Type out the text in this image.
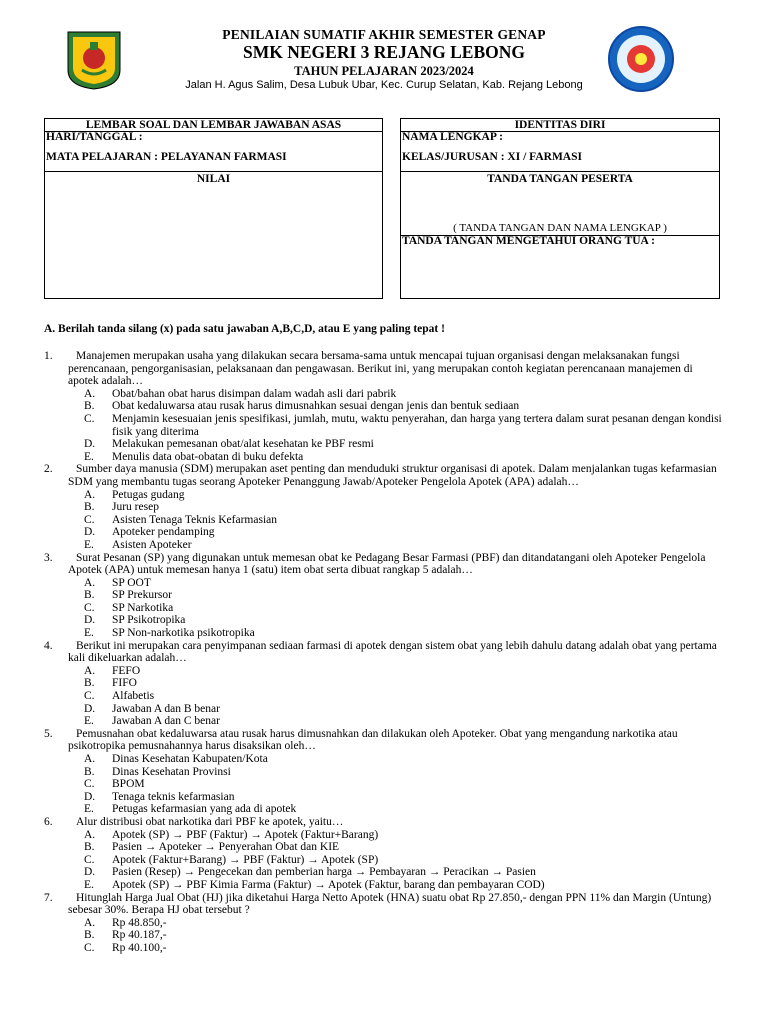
PENILAIAN SUMATIF AKHIR SEMESTER GENAP
SMK NEGERI 3 REJANG LEBONG
TAHUN PELAJARAN 2023/2024
Jalan H. Agus Salim, Desa Lubuk Ubar, Kec. Curup Selatan, Kab. Rejang Lebong
LEMBAR SOAL DAN LEMBAR JAWABAN ASAS
HARI/TANGGAL :
MATA PELAJARAN : PELAYANAN FARMASI
NILAI
IDENTITAS DIRI
NAMA LENGKAP :
KELAS/JURUSAN : XI / FARMASI
TANDA TANGAN PESERTA
( TANDA TANGAN DAN NAMA LENGKAP )
TANDA TANGAN MENGETAHUI ORANG TUA :
A. Berilah tanda silang (x) pada satu jawaban A,B,C,D, atau E yang paling tepat !
1.	Manajemen merupakan usaha yang dilakukan secara bersama-sama untuk mencapai tujuan organisasi dengan melaksanakan fungsi perencanaan, pengorganisasian, pelaksanaan dan pengawasan. Berikut ini, yang merupakan contoh kegiatan perencanaan manajemen di apotek adalah…
A. Obat/bahan obat harus disimpan dalam wadah asli dari pabrik
B. Obat kedaluwarsa atau rusak harus dimusnahkan sesuai dengan jenis dan bentuk sediaan
C. Menjamin kesesuaian jenis spesifikasi, jumlah, mutu, waktu penyerahan, dan harga yang tertera dalam surat pesanan dengan kondisi fisik yang diterima
D. Melakukan pemesanan obat/alat kesehatan ke PBF resmi
E. Menulis data obat-obatan di buku defekta
2.	Sumber daya manusia (SDM) merupakan aset penting dan menduduki struktur organisasi di apotek. Dalam menjalankan tugas kefarmasian SDM yang membantu tugas seorang Apoteker Penanggung Jawab/Apoteker Pengelola Apotek (APA) adalah…
A. Petugas gudang
B. Juru resep
C. Asisten Tenaga Teknis Kefarmasian
D. Apoteker pendamping
E. Asisten Apoteker
3.	Surat Pesanan (SP) yang digunakan untuk memesan obat ke Pedagang Besar Farmasi (PBF) dan ditandatangani oleh Apoteker Pengelola Apotek (APA) untuk memesan hanya 1 (satu) item obat serta dibuat rangkap 5 adalah…
A. SP OOT
B. SP Prekursor
C. SP Narkotika
D. SP Psikotropika
E. SP Non-narkotika psikotropika
4.	Berikut ini merupakan cara penyimpanan sediaan farmasi di apotek dengan sistem obat yang lebih dahulu datang adalah obat yang pertama kali dikeluarkan adalah…
A. FEFO
B. FIFO
C. Alfabetis
D. Jawaban A dan B benar
E. Jawaban A dan C benar
5.	Pemusnahan obat kedaluwarsa atau rusak harus dimusnahkan dan dilakukan oleh Apoteker. Obat yang mengandung narkotika atau psikotropika pemusnahannya harus disaksikan oleh…
A. Dinas Kesehatan Kabupaten/Kota
B. Dinas Kesehatan Provinsi
C. BPOM
D. Tenaga teknis kefarmasian
E. Petugas kefarmasian yang ada di apotek
6.	Alur distribusi obat narkotika dari PBF ke apotek, yaitu…
A. Apotek (SP) → PBF (Faktur) → Apotek (Faktur+Barang)
B. Pasien → Apoteker → Penyerahan Obat dan KIE
C. Apotek (Faktur+Barang) → PBF (Faktur) → Apotek (SP)
D. Pasien (Resep) → Pengecekan dan pemberian harga → Pembayaran → Peracikan → Pasien
E. Apotek (SP) → PBF Kimia Farma (Faktur) → Apotek (Faktur, barang dan pembayaran COD)
7.	Hitunglah Harga Jual Obat (HJ) jika diketahui Harga Netto Apotek (HNA) suatu obat Rp 27.850,- dengan PPN 11% dan Margin (Untung) sebesar 30%. Berapa HJ obat tersebut ?
A. Rp 48.850,-
B. Rp 40.187,-
C. Rp 40.100,-
